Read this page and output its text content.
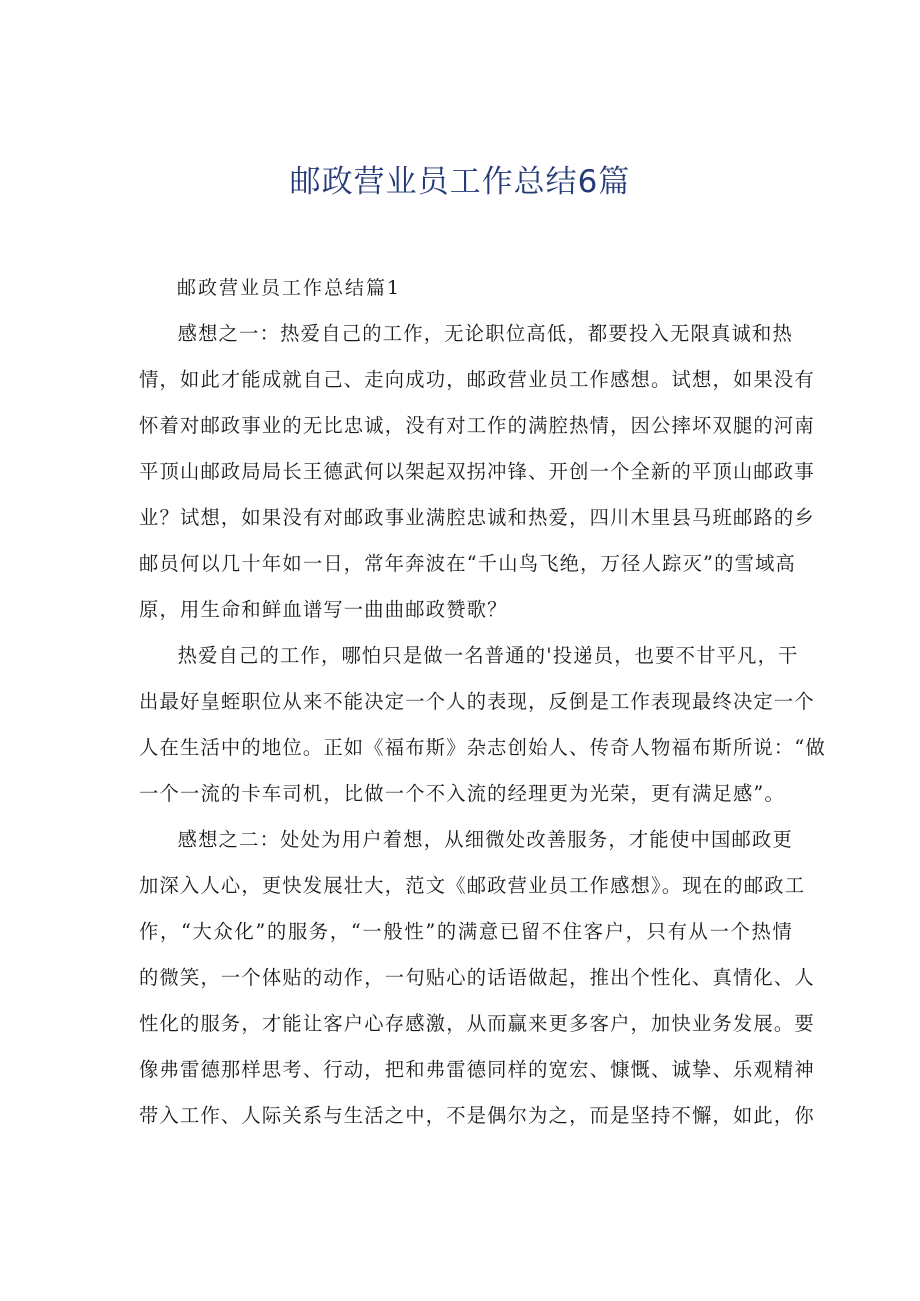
邮政营业员工作总结6篇

邮政营业员工作总结篇1

感想之一：热爱自己的工作，无论职位高低，都要投入无限真诚和热
情，如此才能成就自己、走向成功，邮政营业员工作感想。试想，如果没有
怀着对邮政事业的无比忠诚，没有对工作的满腔热情，因公摔坏双腿的河南
平顶山邮政局局长王德武何以架起双拐冲锋、开创一个全新的平顶山邮政事
业？试想，如果没有对邮政事业满腔忠诚和热爱，四川木里县马班邮路的乡
邮员何以几十年如一日，常年奔波在“千山鸟飞绝，万径人踪灭”的雪域高
原，用生命和鲜血谱写一曲曲邮政赞歌？

热爱自己的工作，哪怕只是做一名普通的'投递员，也要不甘平凡，干
出最好皇蛭职位从来不能决定一个人的表现，反倒是工作表现最终决定一个
人在生活中的地位。正如《福布斯》杂志创始人、传奇人物福布斯所说：“做
一个一流的卡车司机，比做一个不入流的经理更为光荣，更有满足感”。

感想之二：处处为用户着想，从细微处改善服务，才能使中国邮政更
加深入人心，更快发展壮大，范文《邮政营业员工作感想》。现在的邮政工
作，“大众化”的服务，“一般性”的满意已留不住客户，只有从一个热情
的微笑，一个体贴的动作，一句贴心的话语做起，推出个性化、真情化、人
性化的服务，才能让客户心存感激，从而赢来更多客户，加快业务发展。要
像弗雷德那样思考、行动，把和弗雷德同样的宽宏、慷慨、诚挚、乐观精神
带入工作、人际关系与生活之中，不是偶尔为之，而是坚持不懈，如此，你
